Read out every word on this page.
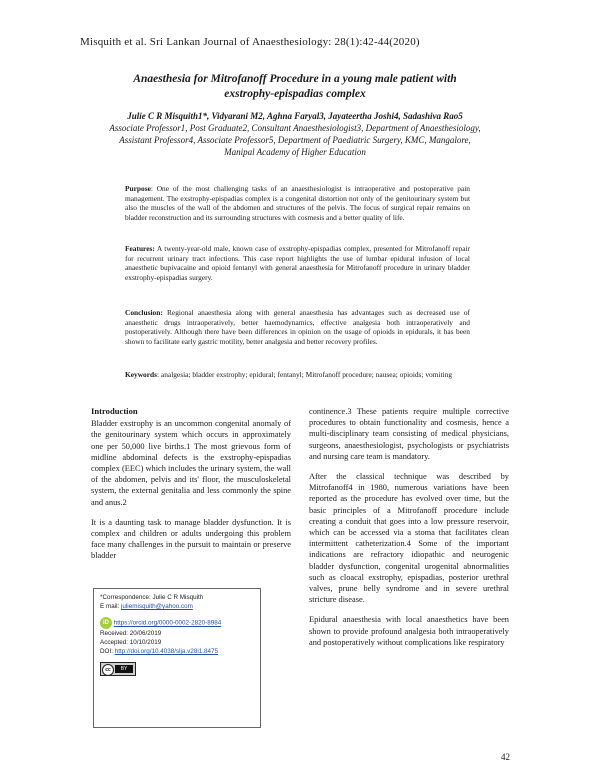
Misquith et al. Sri Lankan Journal of Anaesthesiology: 28(1):42-44(2020)
Anaesthesia for Mitrofanoff Procedure in a young male patient with
exstrophy-epispadias complex
Julie C R Misquith1*, Vidyarani M2, Aghna Faryal3, Jayateertha Joshi4, Sadashiva Rao5
Associate Professor1, Post Graduate2, Consultant Anaesthesiologist3, Department of Anaesthesiology,
Assistant Professor4, Associate Professor5, Department of Paediatric Surgery, KMC, Mangalore,
Manipal Academy of Higher Education
Purpose: One of the most challenging tasks of an anaesthesiologist is intraoperative and postoperative pain management. The exstrophy-epispadias complex is a congenital distortion not only of the genitourinary system but also the muscles of the wall of the abdomen and structures of the pelvis. The focus of surgical repair remains on bladder reconstruction and its surrounding structures with cosmesis and a better quality of life.
Features: A twenty-year-old male, known case of exstrophy-epispadias complex, presented for Mitrofanoff repair for recurrent urinary tract infections. This case report highlights the use of lumbar epidural infusion of local anaesthetic bupivacaine and opioid fentanyl with general anaesthesia for Mitrofanoff procedure in urinary bladder exstrophy-epispadias surgery.
Conclusion: Regional anaesthesia along with general anaesthesia has advantages such as decreased use of anaesthetic drugs intraoperatively, better haemodynamics, effective analgesia both intraoperatively and postoperatively. Although there have been differences in opinion on the usage of opioids in epidurals, it has been shown to facilitate early gastric motility, better analgesia and better recovery profiles.
Keywords: analgesia; bladder exstrophy; epidural; fentanyl; Mitrofanoff procedure; nausea; opioids; vomiting
Introduction

Bladder exstrophy is an uncommon congenital anomaly of the genitourinary system which occurs in approximately one per 50,000 live births.1 The most grievous form of midline abdominal defects is the exstrophy-epispadias complex (EEC) which includes the urinary system, the wall of the abdomen, pelvis and its' floor, the musculoskeletal system, the external genitalia and less commonly the spine and anus.2

It is a daunting task to manage bladder dysfunction. It is complex and children or adults undergoing this problem face many challenges in the pursuit to maintain or preserve bladder

continence.3 These patients require multiple corrective procedures to obtain functionality and cosmesis, hence a multi-disciplinary team consisting of medical physicians, surgeons, anaesthesiologist, psychologists or psychiatrists and nursing care team is mandatory.

After the classical technique was described by Mitrofanoff4 in 1980, numerous variations have been reported as the procedure has evolved over time, but the basic principles of a Mitrofanoff procedure include creating a conduit that goes into a low pressure reservoir, which can be accessed via a stoma that facilitates clean intermittent catheterization.4 Some of the important indications are refractory idiopathic and neurogenic bladder dysfunction, congenital urogenital abnormalities such as cloacal exstrophy, epispadias, posterior urethral valves, prune belly syndrome and in severe urethral stricture disease.

Epidural anaesthesia with local anaesthetics have been shown to provide profound analgesia both intraoperatively and postoperatively without complications like respiratory

*Correspondence: Julie C R Misquith
E mail: juliemisquith@yahoo.com
iD https://orcid.org/0000-0002-2820-8984
Received: 20/06/2019
Accepted: 10/10/2019
DOI: http://doi.org/10.4038/slja.v28i1.8475
cc	BY
42
